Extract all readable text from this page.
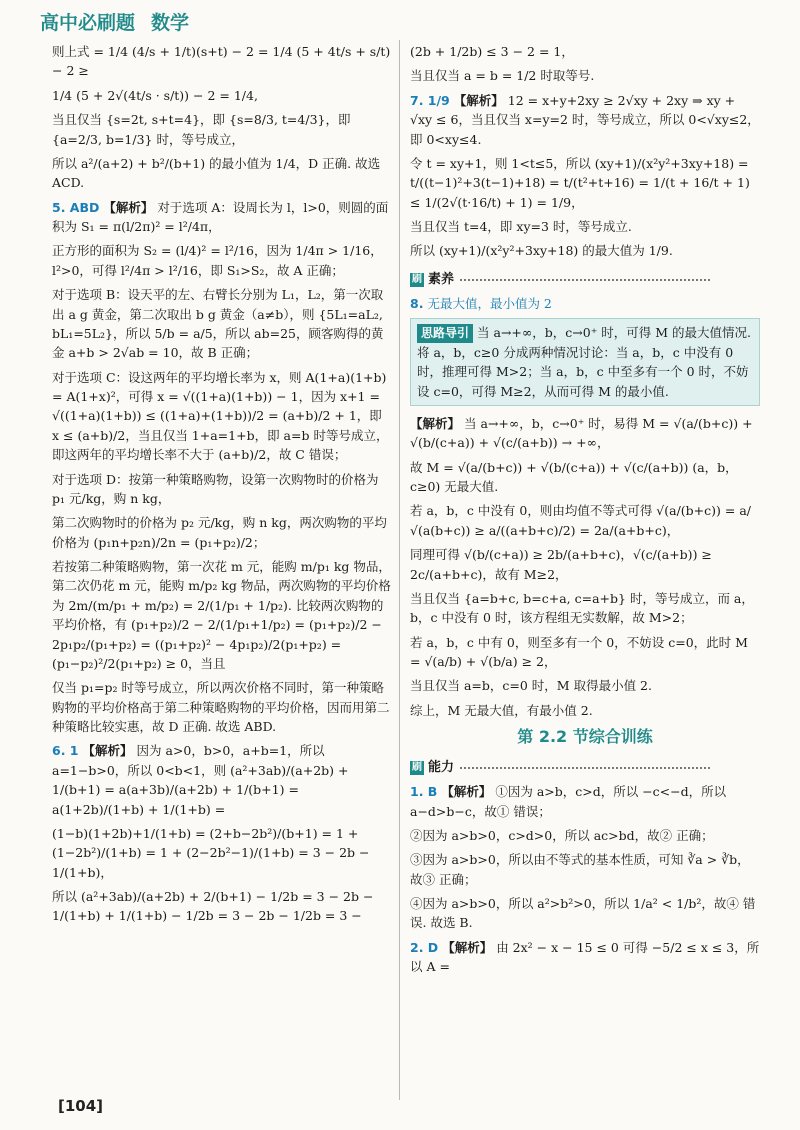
高中必刷题 数学

则上式 = 1/4 (4/s + 1/t)(s+t) − 2 = 1/4 (5 + 4t/s + s/t) − 2 ≥

1/4 (5 + 2√(4t/s · s/t)) − 2 = 1/4,

当且仅当 {s=2t, s+t=4}，即 {s=8/3, t=4/3}，即 {a=2/3, b=1/3} 时，等号成立，

所以 a²/(a+2) + b²/(b+1) 的最小值为 1/4，D 正确. 故选 ACD.

5. ABD 【解析】 对于选项 A：设周长为 l，l>0，则圆的面积为 S₁ = π(l/2π)² = l²/4π，

正方形的面积为 S₂ = (l/4)² = l²/16，因为 1/4π > 1/16，l²>0，可得 l²/4π > l²/16，即 S₁>S₂，故 A 正确；

对于选项 B：设天平的左、右臂长分别为 L₁，L₂，第一次取出 a g 黄金，第二次取出 b g 黄金（a≠b），则 {5L₁=aL₂, bL₁=5L₂}，所以 5/b = a/5，所以 ab=25，顾客购得的黄金 a+b > 2√ab = 10，故 B 正确；

对于选项 C：设这两年的平均增长率为 x，则 A(1+a)(1+b) = A(1+x)²，可得 x = √((1+a)(1+b)) − 1，因为 x+1 = √((1+a)(1+b)) ≤ ((1+a)+(1+b))/2 = (a+b)/2 + 1，即 x ≤ (a+b)/2，当且仅当 1+a=1+b，即 a=b 时等号成立，即这两年的平均增长率不大于 (a+b)/2，故 C 错误；

对于选项 D：按第一种策略购物，设第一次购物时的价格为 p₁ 元/kg，购 n kg，

第二次购物时的价格为 p₂ 元/kg，购 n kg，两次购物的平均价格为 (p₁n+p₂n)/2n = (p₁+p₂)/2；

若按第二种策略购物，第一次花 m 元，能购 m/p₁ kg 物品，第二次仍花 m 元，能购 m/p₂ kg 物品，两次购物的平均价格为 2m/(m/p₁ + m/p₂) = 2/(1/p₁ + 1/p₂). 比较两次购物的平均价格，有 (p₁+p₂)/2 − 2/(1/p₁+1/p₂) = (p₁+p₂)/2 − 2p₁p₂/(p₁+p₂) = ((p₁+p₂)² − 4p₁p₂)/2(p₁+p₂) = (p₁−p₂)²/2(p₁+p₂) ≥ 0，当且

仅当 p₁=p₂ 时等号成立，所以两次价格不同时，第一种策略购物的平均价格高于第二种策略购物的平均价格，因而用第二种策略比较实惠，故 D 正确. 故选 ABD.

6. 1 【解析】 因为 a>0，b>0，a+b=1，所以 a=1−b>0，所以 0<b<1，则 (a²+3ab)/(a+2b) + 1/(b+1) = a(a+3b)/(a+2b) + 1/(b+1) = a(1+2b)/(1+b) + 1/(1+b) =

(1−b)(1+2b)+1/(1+b) = (2+b−2b²)/(b+1) = 1 + (1−2b²)/(1+b) = 1 + (2−2b²−1)/(1+b) = 3 − 2b − 1/(1+b)，

所以 (a²+3ab)/(a+2b) + 2/(b+1) − 1/2b = 3 − 2b − 1/(1+b) + 1/(1+b) − 1/2b = 3 − 2b − 1/2b = 3 −

(2b + 1/2b) ≤ 3 − 2 = 1，

当且仅当 a = b = 1/2 时取等号.

7. 1/9 【解析】 12 = x+y+2xy ≥ 2√xy + 2xy ⇒ xy + √xy ≤ 6，当且仅当 x=y=2 时，等号成立，所以 0<√xy≤2，即 0<xy≤4.

令 t = xy+1，则 1<t≤5，所以 (xy+1)/(x²y²+3xy+18) = t/((t−1)²+3(t−1)+18) = t/(t²+t+16) = 1/(t + 16/t + 1) ≤ 1/(2√(t·16/t) + 1) = 1/9，

当且仅当 t=4，即 xy=3 时，等号成立.

所以 (xy+1)/(x²y²+3xy+18) 的最大值为 1/9.

刷 素养

8. 无最大值，最小值为 2

思路导引 当 a→+∞，b，c→0⁺ 时，可得 M 的最大值情况. 将 a，b，c≥0 分成两种情况讨论：当 a，b，c 中没有 0 时，推理可得 M>2；当 a，b，c 中至多有一个 0 时，不妨设 c=0，可得 M≥2，从而可得 M 的最小值.

【解析】 当 a→+∞，b，c→0⁺ 时，易得 M = √(a/(b+c)) + √(b/(c+a)) + √(c/(a+b)) → +∞，

故 M = √(a/(b+c)) + √(b/(c+a)) + √(c/(a+b)) (a，b，c≥0) 无最大值.

若 a，b，c 中没有 0，则由均值不等式可得 √(a/(b+c)) = a/√(a(b+c)) ≥ a/((a+b+c)/2) = 2a/(a+b+c)，

同理可得 √(b/(c+a)) ≥ 2b/(a+b+c)，√(c/(a+b)) ≥ 2c/(a+b+c)，故有 M≥2，

当且仅当 {a=b+c, b=c+a, c=a+b} 时，等号成立，而 a，b，c 中没有 0 时，该方程组无实数解，故 M>2；

若 a，b，c 中有 0，则至多有一个 0，不妨设 c=0，此时 M = √(a/b) + √(b/a) ≥ 2，

当且仅当 a=b，c=0 时，M 取得最小值 2.

综上，M 无最大值，有最小值 2.

第 2.2 节综合训练
刷 能力

1. B 【解析】 ①因为 a>b，c>d，所以 −c<−d，所以 a−d>b−c，故① 错误；

②因为 a>b>0，c>d>0，所以 ac>bd，故② 正确；

③因为 a>b>0，所以由不等式的基本性质，可知 ∛a > ∛b，故③ 正确；

④因为 a>b>0，所以 a²>b²>0，所以 1/a² < 1/b²，故④ 错误. 故选 B.

2. D 【解析】 由 2x² − x − 15 ≤ 0 可得 −5/2 ≤ x ≤ 3，所以 A =

[104]
